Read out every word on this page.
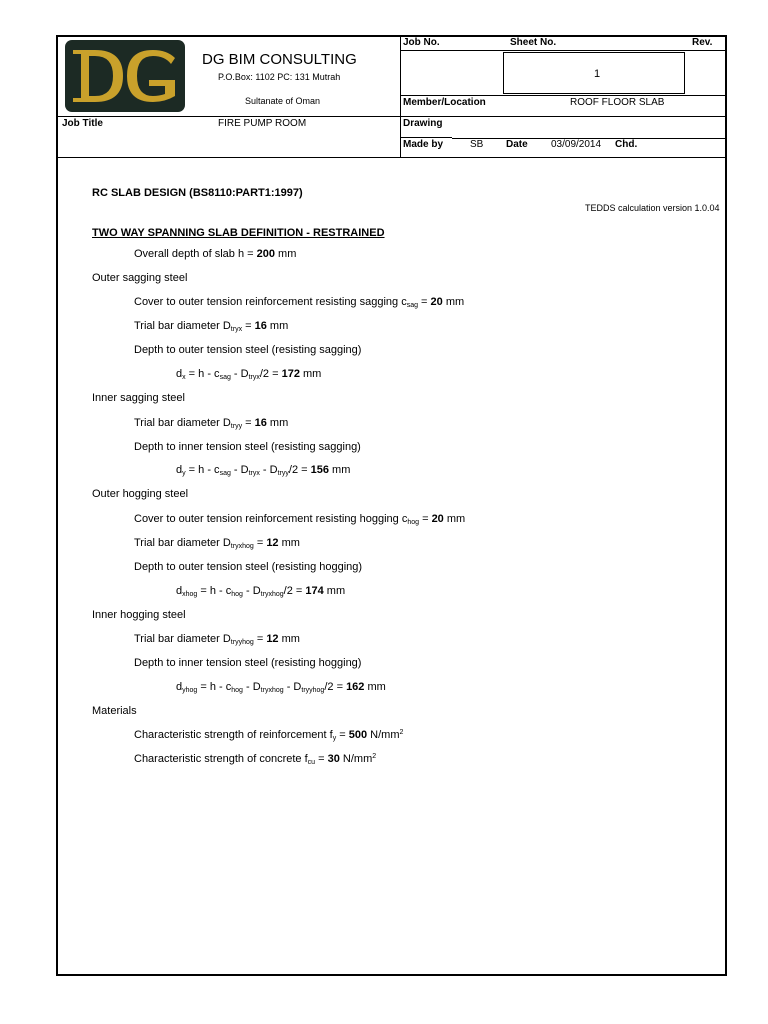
DG BIM CONSULTING
P.O.Box: 1102 PC: 131 Mutrah
Sultanate of Oman
Job No.	Sheet No.	Rev.
1
Member/Location	ROOF FLOOR SLAB
Job Title	FIRE PUMP ROOM	Drawing
Made by	SB Date 03/09/2014 Chd.
RC SLAB DESIGN (BS8110:PART1:1997)
TEDDS calculation version 1.0.04
TWO WAY SPANNING SLAB DEFINITION - RESTRAINED
Overall depth of slab h = 200 mm
Outer sagging steel
Cover to outer tension reinforcement resisting sagging $c_{sag} = 20$ mm
Trial bar diameter $D_{tryx} = 16$ mm
Depth to outer tension steel (resisting sagging)
$d_x = h - c_{sag} - D_{tryx}/2 = 172$ mm
Inner sagging steel
Trial bar diameter $D_{tryy} = 16$ mm
Depth to inner tension steel (resisting sagging)
$d_y = h - c_{sag} - D_{tryx} - D_{tryy}/2 = 156$ mm
Outer hogging steel
Cover to outer tension reinforcement resisting hogging $c_{hog} = 20$ mm
Trial bar diameter $D_{tryxhog} = 12$ mm
Depth to outer tension steel (resisting hogging)
$d_{xhog} = h - c_{hog} - D_{tryxhog}/2 = 174$ mm
Inner hogging steel
Trial bar diameter $D_{tryyhog} = 12$ mm
Depth to inner tension steel (resisting hogging)
$d_{yhog} = h - c_{hog} - D_{tryxhog} - D_{tryyhog}/2 = 162$ mm
Materials
Characteristic strength of reinforcement $f_y = 500$ $N/mm^2$
Characteristic strength of concrete $f_{cu} = 30$ $N/mm^2$
